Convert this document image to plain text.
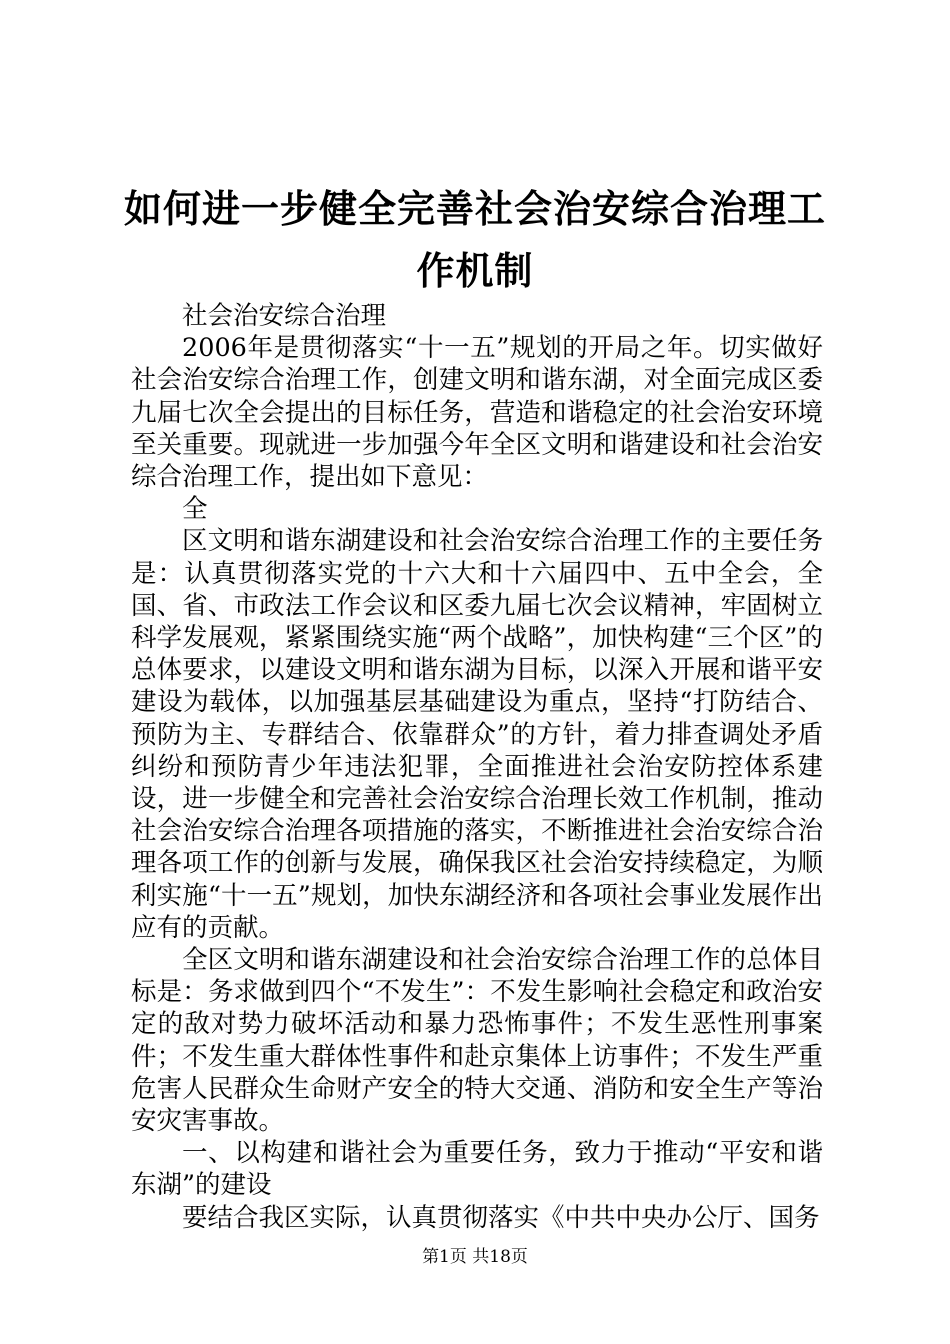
如何进一步健全完善社会治安综合治理工作机制

社会治安综合治理

2006年是贯彻落实“十一五”规划的开局之年。切实做好社会治安综合治理工作，创建文明和谐东湖，对全面完成区委九届七次全会提出的目标任务，营造和谐稳定的社会治安环境至关重要。现就进一步加强今年全区文明和谐建设和社会治安综合治理工作，提出如下意见：

全

区文明和谐东湖建设和社会治安综合治理工作的主要任务是：认真贯彻落实党的十六大和十六届四中、五中全会，全国、省、市政法工作会议和区委九届七次会议精神，牢固树立科学发展观，紧紧围绕实施“两个战略”，加快构建“三个区”的总体要求，以建设文明和谐东湖为目标，以深入开展和谐平安建设为载体，以加强基层基础建设为重点，坚持“打防结合、预防为主、专群结合、依靠群众”的方针，着力排查调处矛盾纠纷和预防青少年违法犯罪，全面推进社会治安防控体系建设，进一步健全和完善社会治安综合治理长效工作机制，推动社会治安综合治理各项措施的落实，不断推进社会治安综合治理各项工作的创新与发展，确保我区社会治安持续稳定，为顺利实施“十一五”规划，加快东湖经济和各项社会事业发展作出应有的贡献。

全区文明和谐东湖建设和社会治安综合治理工作的总体目标是：务求做到四个“不发生”：不发生影响社会稳定和政治安定的敌对势力破坏活动和暴力恐怖事件；不发生恶性刑事案件；不发生重大群体性事件和赴京集体上访事件；不发生严重危害人民群众生命财产安全的特大交通、消防和安全生产等治安灾害事故。

一、以构建和谐社会为重要任务，致力于推动“平安和谐东湖”的建设

要结合我区实际，认真贯彻落实《中共中央办公厅、国务

第1页 共18页
